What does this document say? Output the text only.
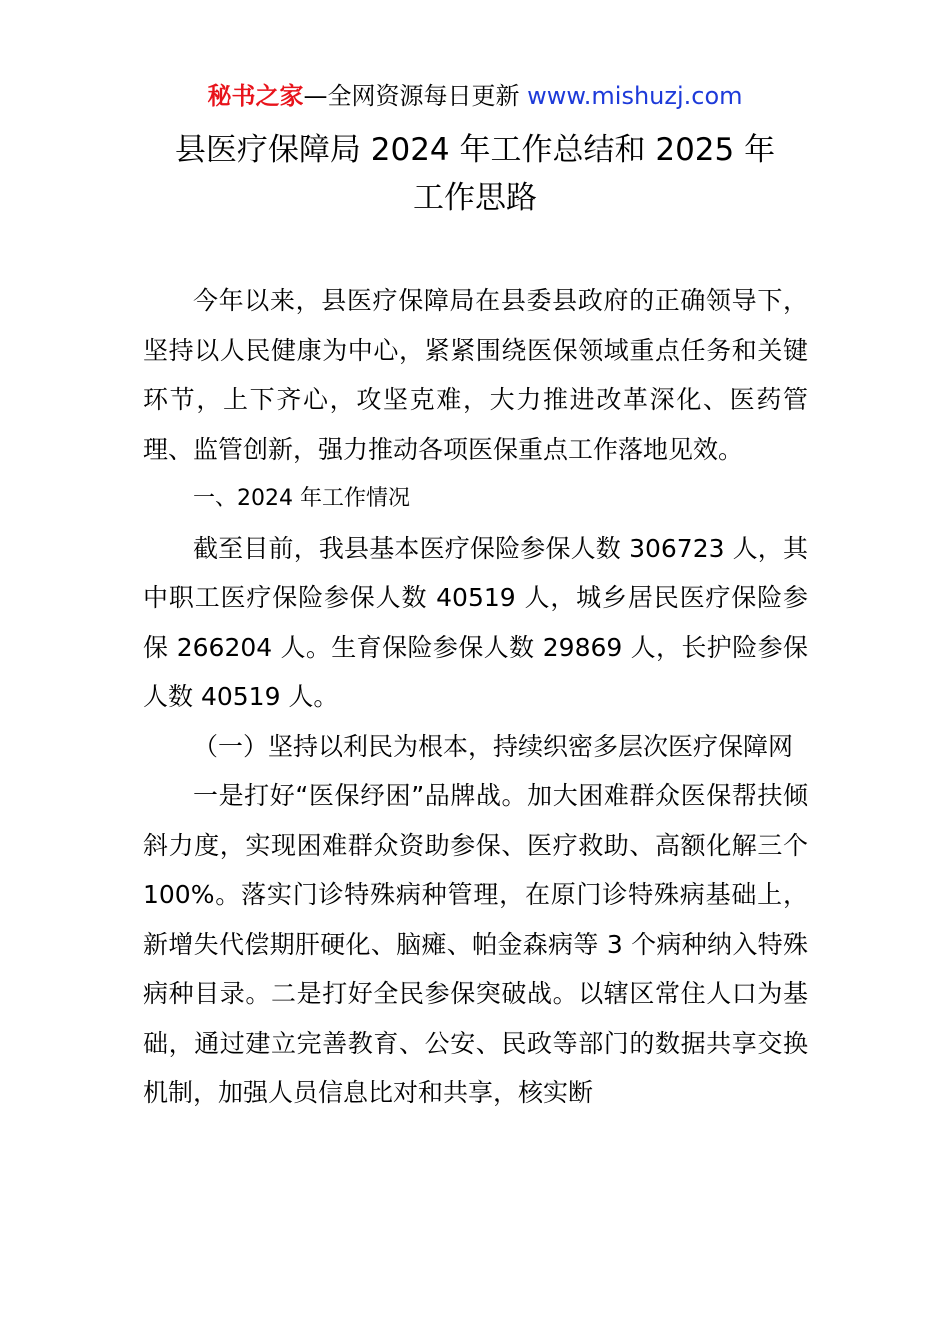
秘书之家—全网资源每日更新 www.mishuzj.com
县医疗保障局 2024 年工作总结和 2025 年
工作思路

今年以来，县医疗保障局在县委县政府的正确领导下，坚持以人民健康为中心，紧紧围绕医保领域重点任务和关键环节，上下齐心，攻坚克难，大力推进改革深化、医药管理、监管创新，强力推动各项医保重点工作落地见效。

一、2024 年工作情况

截至目前，我县基本医疗保险参保人数 306723 人，其中职工医疗保险参保人数 40519 人，城乡居民医疗保险参保 266204 人。生育保险参保人数 29869 人，长护险参保人数 40519 人。

（一）坚持以利民为根本，持续织密多层次医疗保障网

一是打好“医保纾困”品牌战。加大困难群众医保帮扶倾斜力度，实现困难群众资助参保、医疗救助、高额化解三个 100%。落实门诊特殊病种管理，在原门诊特殊病基础上，新增失代偿期肝硬化、脑瘫、帕金森病等 3 个病种纳入特殊病种目录。二是打好全民参保突破战。以辖区常住人口为基础，通过建立完善教育、公安、民政等部门的数据共享交换机制，加强人员信息比对和共享，核实断
